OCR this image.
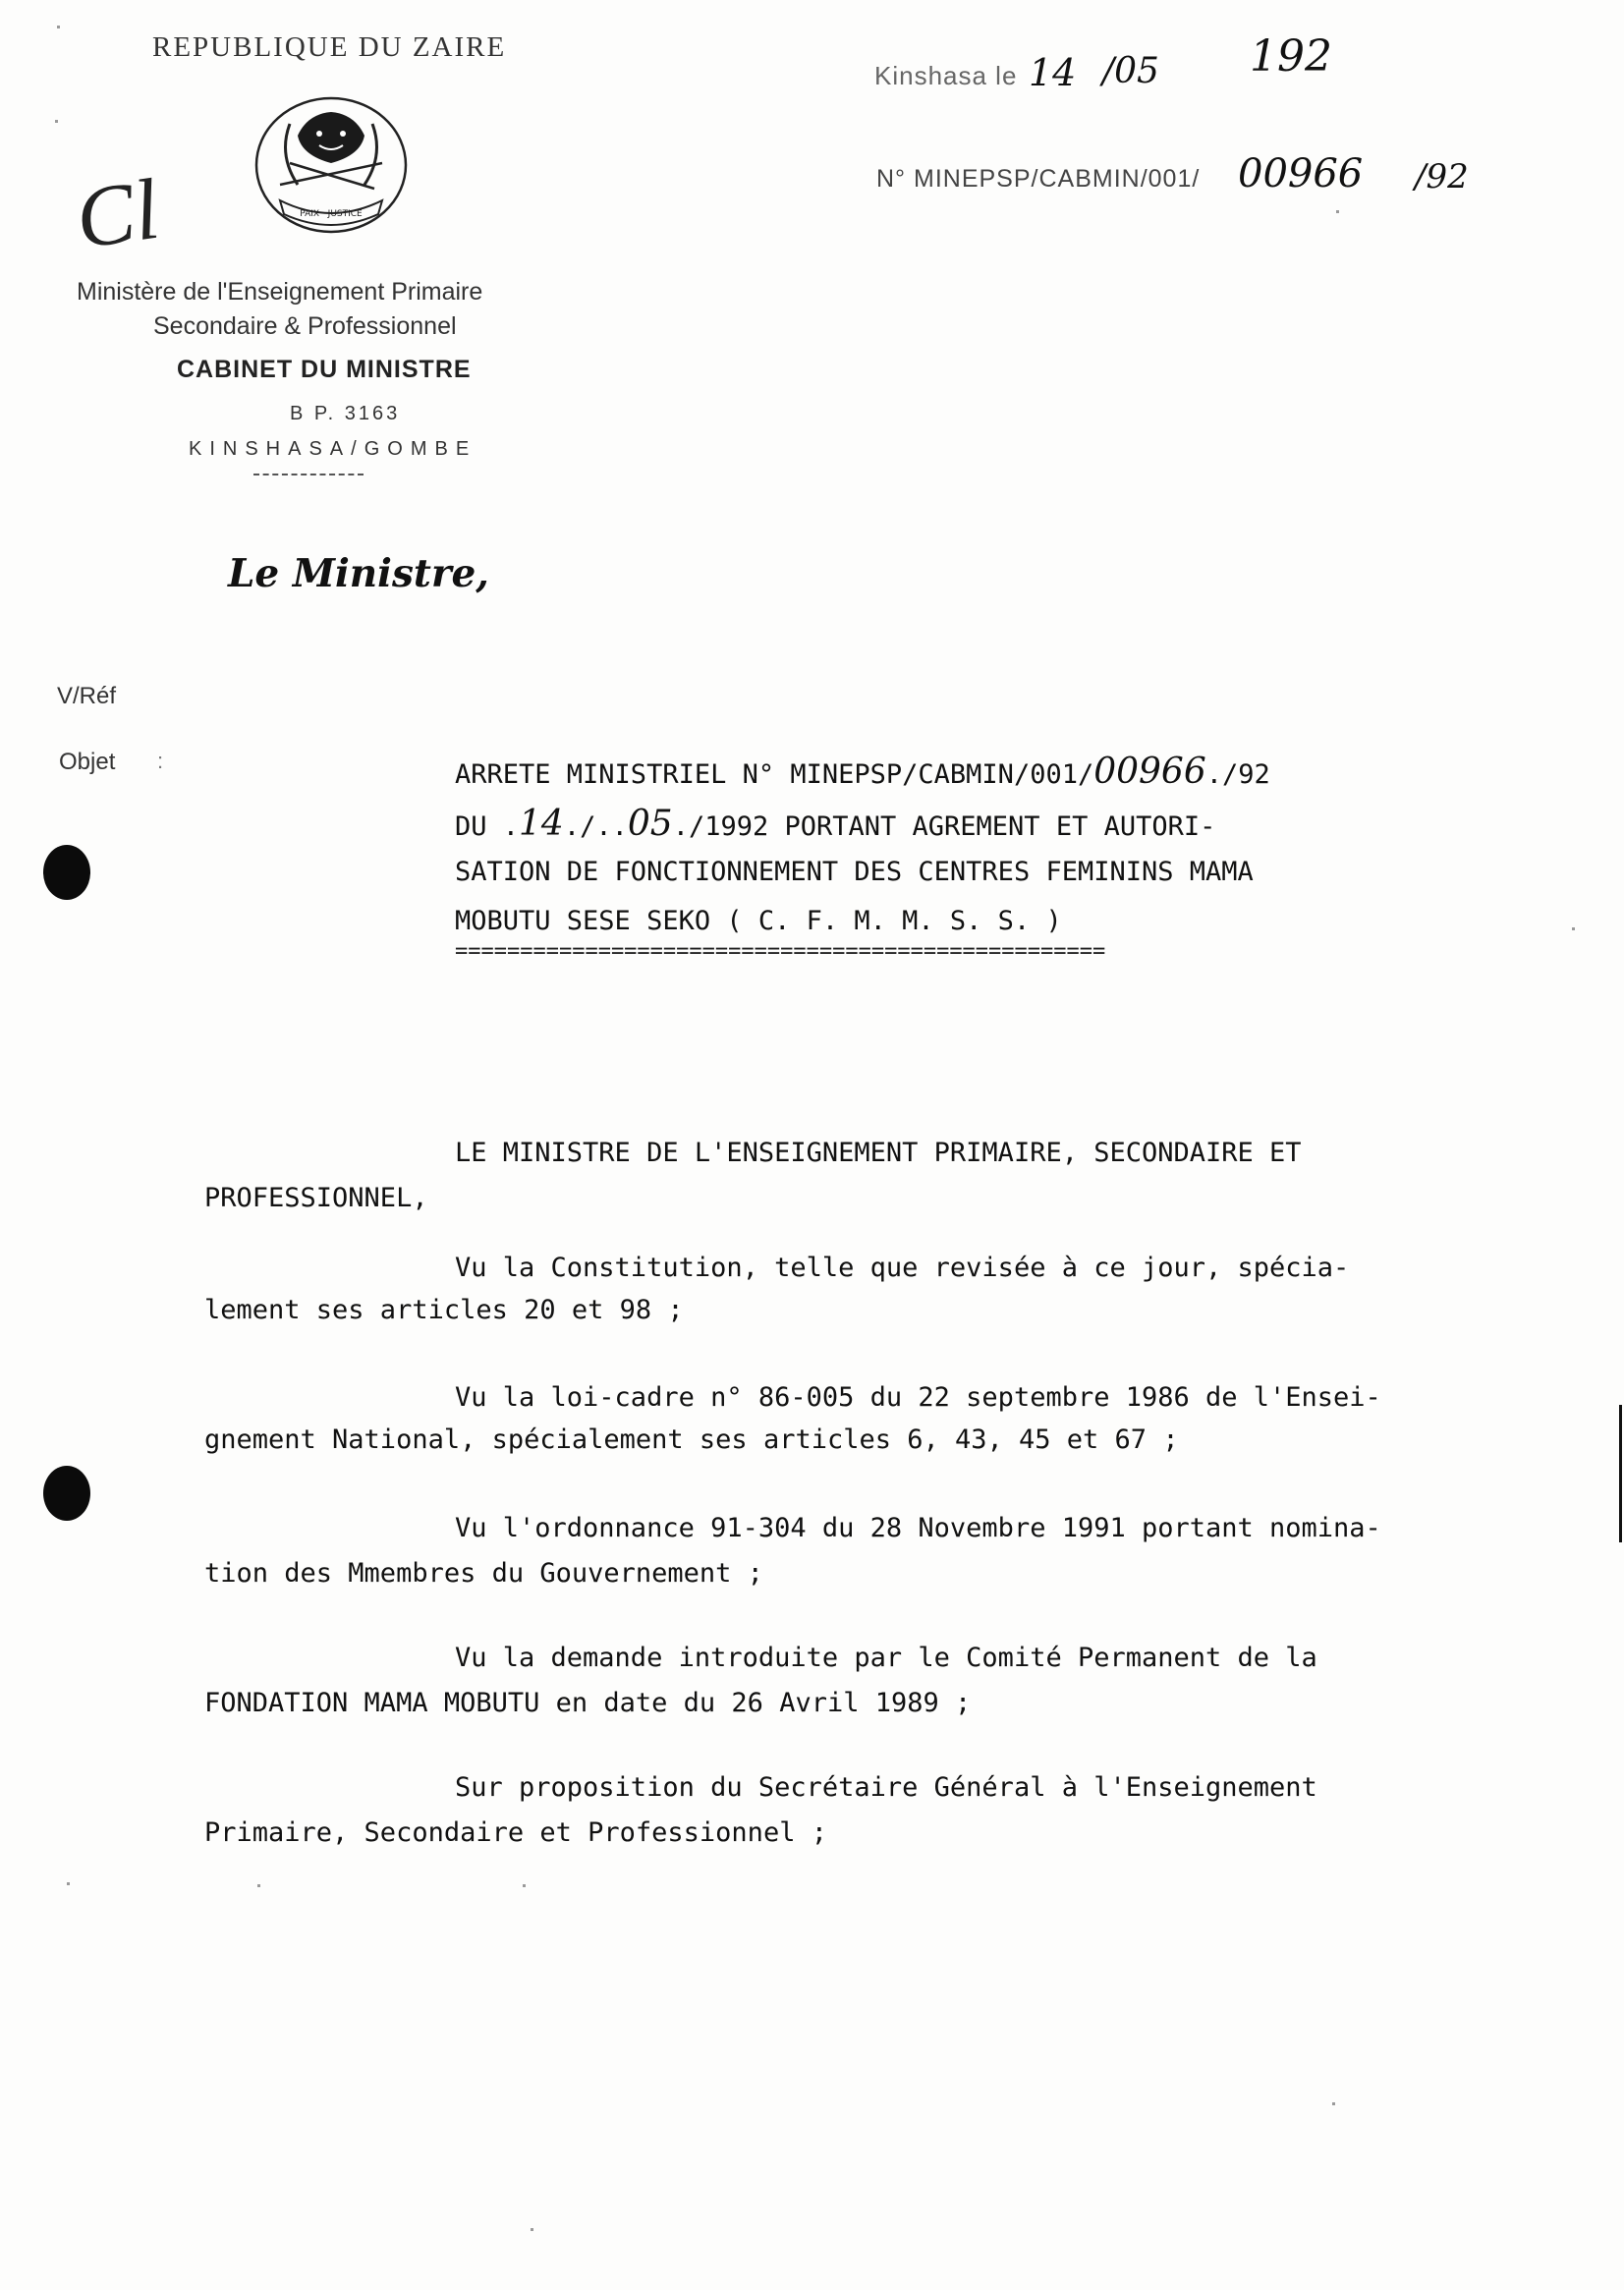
REPUBLIQUE DU ZAIRE
PAIX · JUSTICE
Cl
Ministère de l'Enseignement Primaire
Secondaire & Professionnel
CABINET DU MINISTRE
B P. 3163
KINSHASA/GOMBE
Le Ministre,
Kinshasa le 14 /05 192
N° MINEPSP/CABMIN/001/ 00966 /92
V/Réf
Objet :	ARRETE MINISTRIEL N° MINEPSP/CABMIN/001/00966./92
DU .14./..05./1992 PORTANT AGREMENT ET AUTORI-
SATION DE FONCTIONNEMENT DES CENTRES FEMININS MAMA
MOBUTU SESE SEKO ( C. F. M. M. S. S. )
==================================================
LE MINISTRE DE L'ENSEIGNEMENT PRIMAIRE, SECONDAIRE ET
PROFESSIONNEL,
Vu la Constitution, telle que revisée à ce jour, spécia-
lement ses articles 20 et 98 ;
Vu la loi-cadre n° 86-005 du 22 septembre 1986 de l'Ensei-
gnement National, spécialement ses articles 6, 43, 45 et 67 ;
Vu l'ordonnance 91-304 du 28 Novembre 1991 portant nomina-
tion des Mmembres du Gouvernement ;
Vu la demande introduite par le Comité Permanent de la
FONDATION MAMA MOBUTU en date du 26 Avril 1989 ;
Sur proposition du Secrétaire Général à l'Enseignement
Primaire, Secondaire et Professionnel ;
